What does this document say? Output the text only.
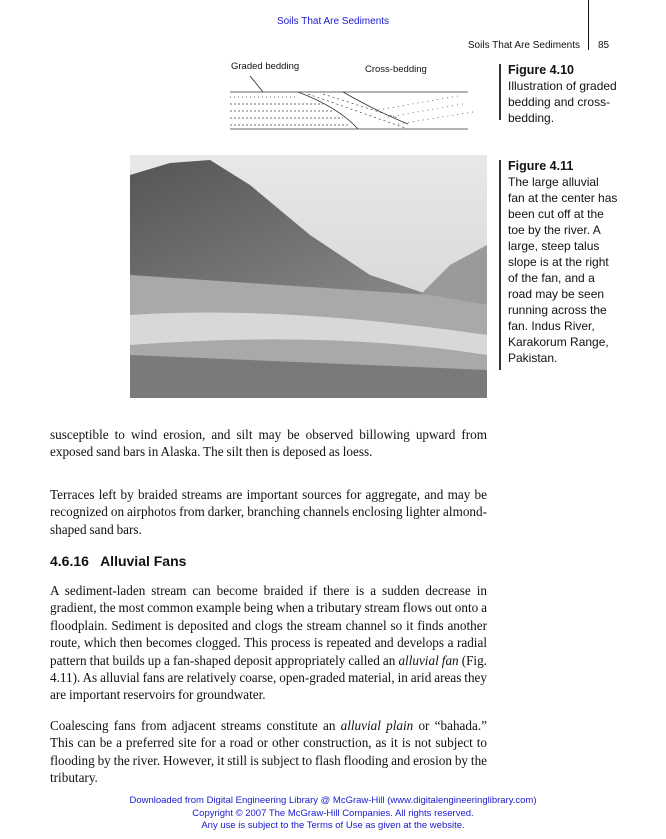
Soils That Are Sediments
Soils That Are Sediments 85
Graded bedding	Cross-bedding	Figure 4.10
Illustration of graded bedding and cross-bedding.
Figure 4.11
The large alluvial fan at the center has been cut off at the toe by the river. A large, steep talus slope is at the right of the fan, and a road may be seen running across the fan. Indus River, Karakorum Range, Pakistan.

susceptible to wind erosion, and silt may be observed billowing upward from exposed sand bars in Alaska. The silt then is deposed as loess.

Terraces left by braided streams are important sources for aggregate, and may be recognized on airphotos from darker, branching channels enclosing lighter almond-shaped sand bars.

4.6.16   Alluvial Fans

A sediment-laden stream can become braided if there is a sudden decrease in gradient, the most common example being when a tributary stream flows out onto a floodplain. Sediment is deposited and clogs the stream channel so it finds another route, which then becomes clogged. This process is repeated and develops a radial pattern that builds up a fan-shaped deposit appropriately called an alluvial fan (Fig. 4.11). As alluvial fans are relatively coarse, open-graded material, in arid areas they are important reservoirs for groundwater.

Coalescing fans from adjacent streams constitute an alluvial plain or “bahada.” This can be a preferred site for a road or other construction, as it is not subject to flooding by the river. However, it still is subject to flash flooding and erosion by the tributary.

Downloaded from Digital Engineering Library @ McGraw-Hill (www.digitalengineeringlibrary.com)
Copyright © 2007 The McGraw-Hill Companies. All rights reserved.
Any use is subject to the Terms of Use as given at the website.
